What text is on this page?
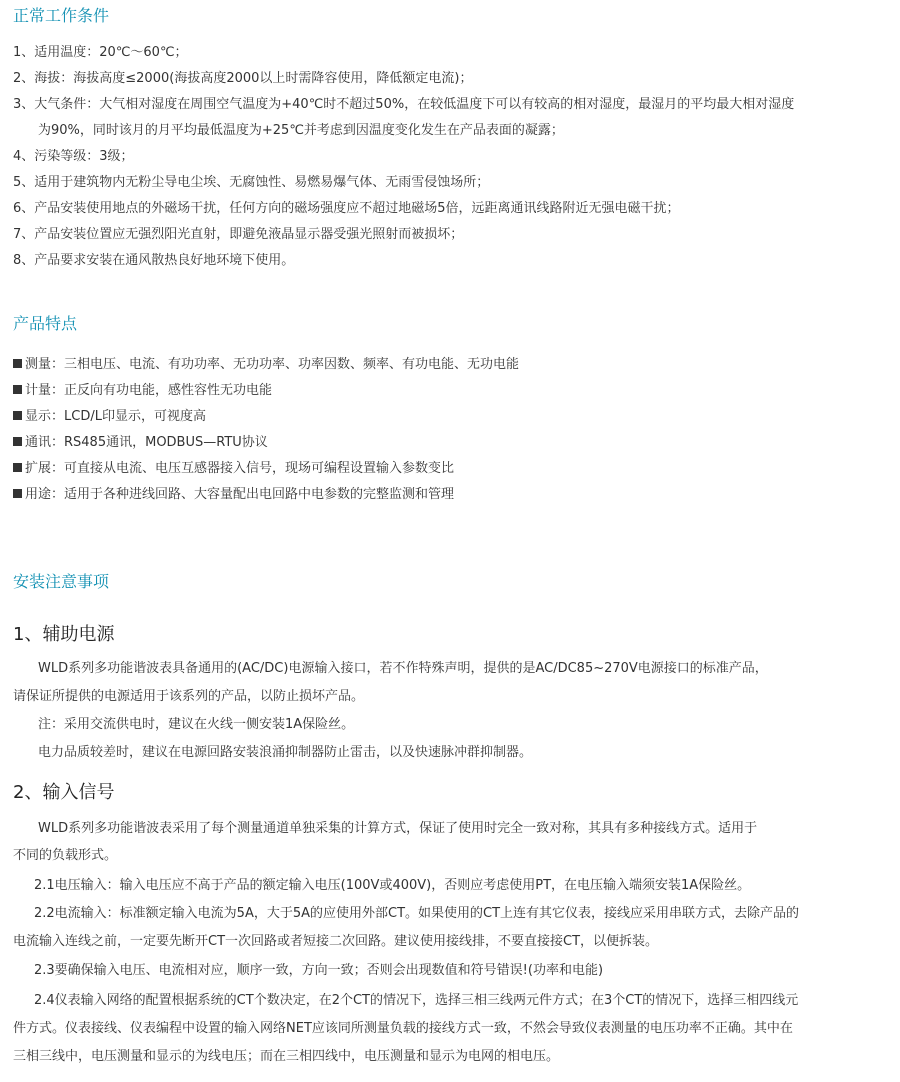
正常工作条件
1、适用温度：20℃～60℃；
2、海拔：海拔高度≤2000(海拔高度2000以上时需降容使用，降低额定电流)；
3、大气条件：大气相对湿度在周围空气温度为+40℃时不超过50%，在较低温度下可以有较高的相对湿度，最湿月的平均最大相对湿度
为90%，同时该月的月平均最低温度为+25℃并考虑到因温度变化发生在产品表面的凝露；
4、污染等级：3级；
5、适用于建筑物内无粉尘导电尘埃、无腐蚀性、易燃易爆气体、无雨雪侵蚀场所；
6、产品安装使用地点的外磁场干扰，任何方向的磁场强度应不超过地磁场5倍，远距离通讯线路附近无强电磁干扰；
7、产品安装位置应无强烈阳光直射，即避免液晶显示器受强光照射而被损坏；
8、产品要求安装在通风散热良好地环境下使用。
产品特点
测量：三相电压、电流、有功功率、无功功率、功率因数、频率、有功电能、无功电能
计量：正反向有功电能，感性容性无功电能
显示：LCD/L印显示，可视度高
通讯：RS485通讯，MODBUS—RTU协议
扩展：可直接从电流、电压互感器接入信号，现场可编程设置输入参数变比
用途：适用于各种进线回路、大容量配出电回路中电参数的完整监测和管理
安装注意事项
1、辅助电源
WLD系列多功能谐波表具备通用的(AC/DC)电源输入接口，若不作特殊声明，提供的是AC/DC85~270V电源接口的标准产品，
请保证所提供的电源适用于该系列的产品，以防止损坏产品。
注：采用交流供电时，建议在火线一侧安装1A保险丝。
电力品质较差时，建议在电源回路安装浪涌抑制器防止雷击，以及快速脉冲群抑制器。
2、输入信号
WLD系列多功能谐波表采用了每个测量通道单独采集的计算方式，保证了使用时完全一致对称，其具有多种接线方式。适用于
不同的负载形式。
2.1电压输入：输入电压应不高于产品的额定输入电压(100V或400V)，否则应考虑使用PT，在电压输入端须安装1A保险丝。
2.2电流输入：标准额定输入电流为5A，大于5A的应使用外部CT。如果使用的CT上连有其它仪表，接线应采用串联方式，去除产品的
电流输入连线之前，一定要先断开CT一次回路或者短接二次回路。建议使用接线排，不要直接接CT，以便拆装。
2.3要确保输入电压、电流相对应，顺序一致，方向一致；否则会出现数值和符号错误!(功率和电能)
2.4仪表输入网络的配置根据系统的CT个数决定，在2个CT的情况下，选择三相三线两元件方式；在3个CT的情况下，选择三相四线元
件方式。仪表接线、仪表编程中设置的输入网络NET应该同所测量负载的接线方式一致，不然会导致仪表测量的电压功率不正确。其中在
三相三线中，电压测量和显示的为线电压；而在三相四线中，电压测量和显示为电网的相电压。
